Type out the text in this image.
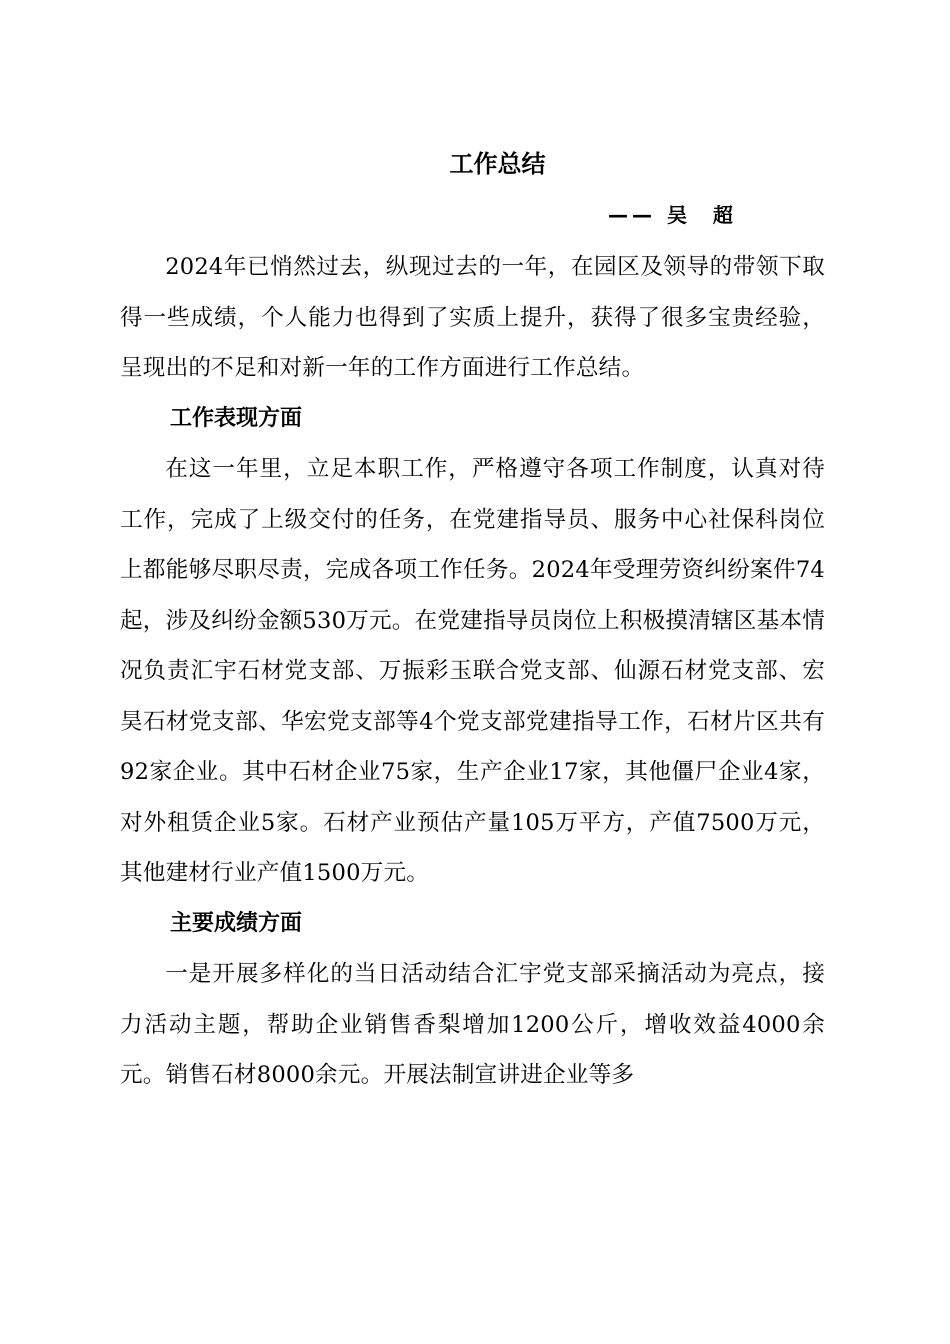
工作总结
—— 吴  超

2024年已悄然过去，纵现过去的一年，在园区及领导的带领下取得一些成绩，个人能力也得到了实质上提升，获得了很多宝贵经验，呈现出的不足和对新一年的工作方面进行工作总结。

工作表现方面

在这一年里，立足本职工作，严格遵守各项工作制度，认真对待工作，完成了上级交付的任务，在党建指导员、服务中心社保科岗位上都能够尽职尽责，完成各项工作任务。2024年受理劳资纠纷案件74起，涉及纠纷金额530万元。在党建指导员岗位上积极摸清辖区基本情况负责汇宇石材党支部、万振彩玉联合党支部、仙源石材党支部、宏昊石材党支部、华宏党支部等4个党支部党建指导工作，石材片区共有92家企业。其中石材企业75家，生产企业17家，其他僵尸企业4家，对外租赁企业5家。石材产业预估产量105万平方，产值7500万元，其他建材行业产值1500万元。

主要成绩方面

一是开展多样化的当日活动结合汇宇党支部采摘活动为亮点，接力活动主题，帮助企业销售香梨增加1200公斤，增收效益4000余元。销售石材8000余元。开展法制宣讲进企业等多
